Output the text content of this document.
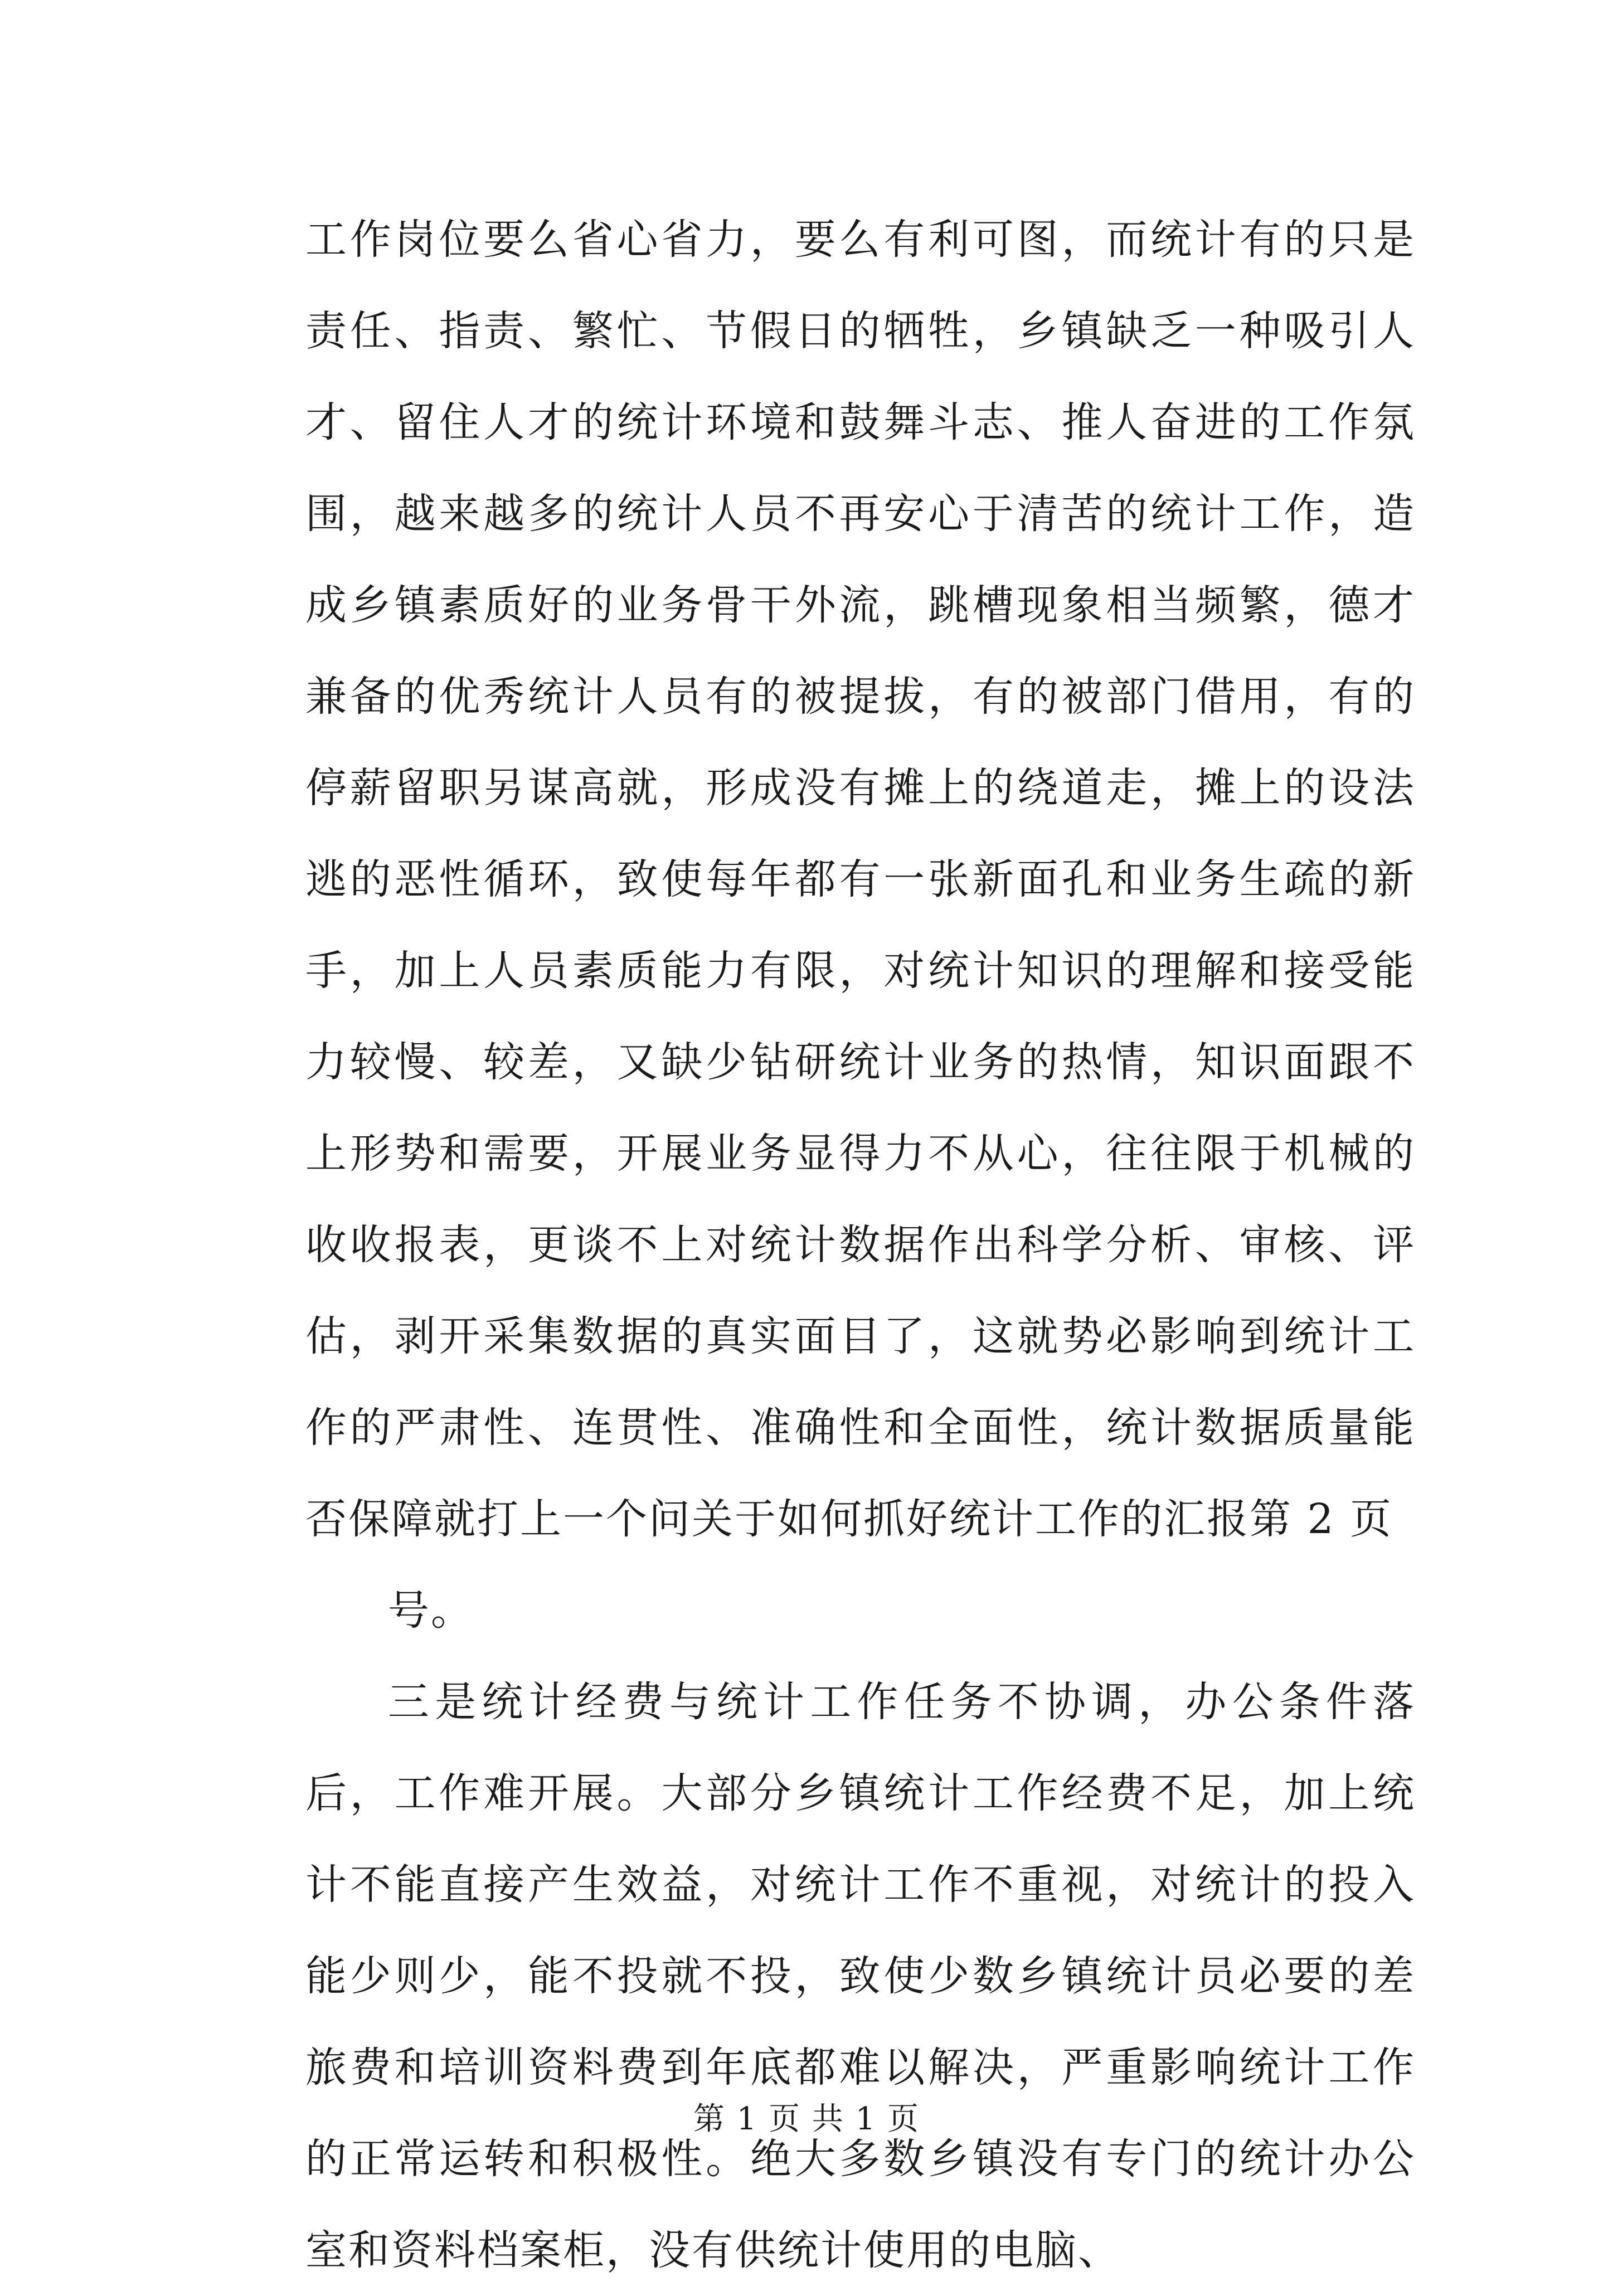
工作岗位要么省心省力，要么有利可图，而统计有的只是责任、指责、繁忙、节假日的牺牲，乡镇缺乏一种吸引人才、留住人才的统计环境和鼓舞斗志、推人奋进的工作氛围，越来越多的统计人员不再安心于清苦的统计工作，造成乡镇素质好的业务骨干外流，跳槽现象相当频繁，德才兼备的优秀统计人员有的被提拔，有的被部门借用，有的停薪留职另谋高就，形成没有摊上的绕道走，摊上的设法逃的恶性循环，致使每年都有一张新面孔和业务生疏的新手，加上人员素质能力有限，对统计知识的理解和接受能力较慢、较差，又缺少钻研统计业务的热情，知识面跟不上形势和需要，开展业务显得力不从心，往往限于机械的收收报表，更谈不上对统计数据作出科学分析、审核、评估，剥开采集数据的真实面目了，这就势必影响到统计工作的严肃性、连贯性、准确性和全面性，统计数据质量能否保障就打上一个问关于如何抓好统计工作的汇报第 2 页

号。

三是统计经费与统计工作任务不协调，办公条件落后，工作难开展。大部分乡镇统计工作经费不足，加上统计不能直接产生效益，对统计工作不重视，对统计的投入能少则少，能不投就不投，致使少数乡镇统计员必要的差旅费和培训资料费到年底都难以解决，严重影响统计工作的正常运转和积极性。绝大多数乡镇没有专门的统计办公室和资料档案柜，没有供统计使用的电脑、

第 1 页 共 1 页
